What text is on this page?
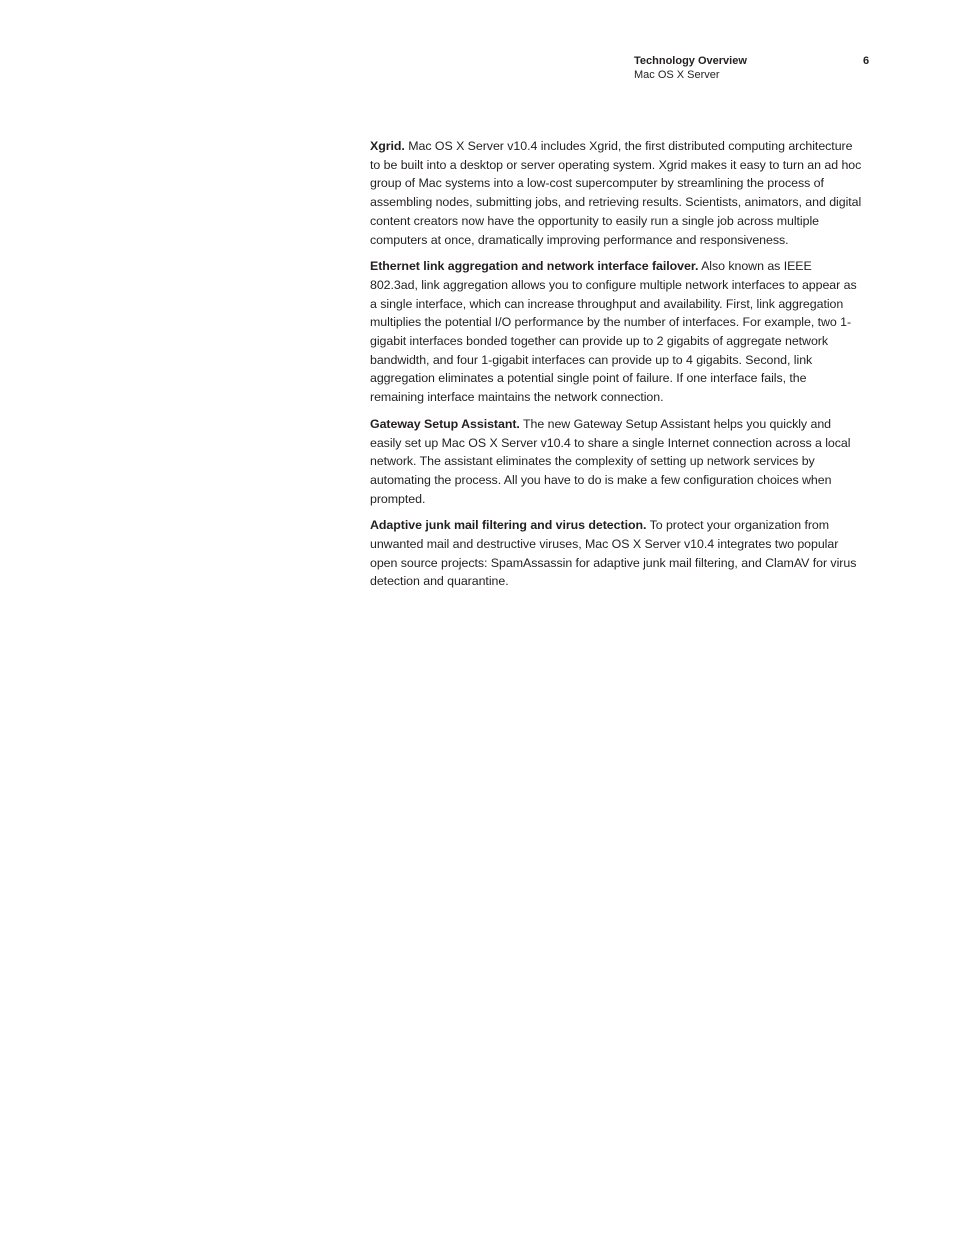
Technology Overview
Mac OS X Server
6

Xgrid. Mac OS X Server v10.4 includes Xgrid, the first distributed computing architecture to be built into a desktop or server operating system. Xgrid makes it easy to turn an ad hoc group of Mac systems into a low-cost supercomputer by streamlining the process of assembling nodes, submitting jobs, and retrieving results. Scientists, animators, and digital content creators now have the opportunity to easily run a single job across multiple computers at once, dramatically improving performance and responsiveness.

Ethernet link aggregation and network interface failover. Also known as IEEE 802.3ad, link aggregation allows you to configure multiple network interfaces to appear as a single interface, which can increase throughput and availability. First, link aggregation multiplies the potential I/O performance by the number of interfaces. For example, two 1-gigabit interfaces bonded together can provide up to 2 gigabits of aggregate network bandwidth, and four 1-gigabit interfaces can provide up to 4 gigabits. Second, link aggregation eliminates a potential single point of failure. If one interface fails, the remaining interface maintains the network connection.

Gateway Setup Assistant. The new Gateway Setup Assistant helps you quickly and easily set up Mac OS X Server v10.4 to share a single Internet connection across a local network. The assistant eliminates the complexity of setting up network services by automating the process. All you have to do is make a few configuration choices when prompted.

Adaptive junk mail filtering and virus detection. To protect your organization from unwanted mail and destructive viruses, Mac OS X Server v10.4 integrates two popular open source projects: SpamAssassin for adaptive junk mail filtering, and ClamAV for virus detection and quarantine.
